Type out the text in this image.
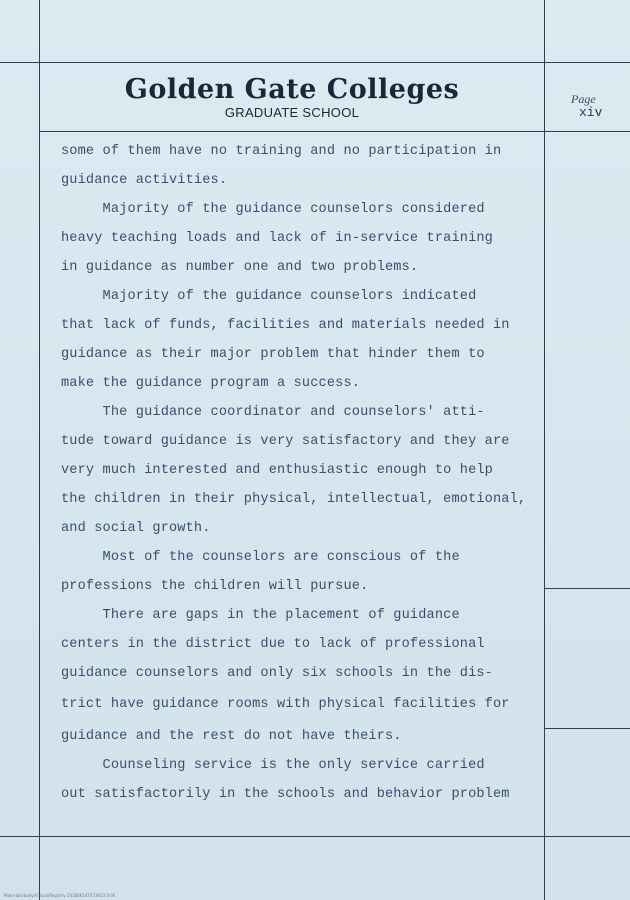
Golden Gate Colleges
GRADUATE SCHOOL
Page
xiv
some of them have no training and no participation in
guidance activities.
Majority of the guidance counselors considered
heavy teaching loads and lack of in-service training
in guidance as number one and two problems.
Majority of the guidance counselors indicated
that lack of funds, facilities and materials needed in
guidance as their major problem that hinder them to
make the guidance program a success.
The guidance coordinator and counselors' atti-
tude toward guidance is very satisfactory and they are
very much interested and enthusiastic enough to help
the children in their physical, intellectual, emotional,
and social growth.
Most of the counselors are conscious of the
professions the children will pursue.
There are gaps in the placement of guidance
centers in the district due to lack of professional
guidance counselors and only six schools in the dis-
trict have guidance rooms with physical facilities for
guidance and the rest do not have theirs.
Counseling service is the only service carried
out satisfactorily in the schools and behavior problem
Materials/body/Virtual/Registry 20180614T073923 0:00
